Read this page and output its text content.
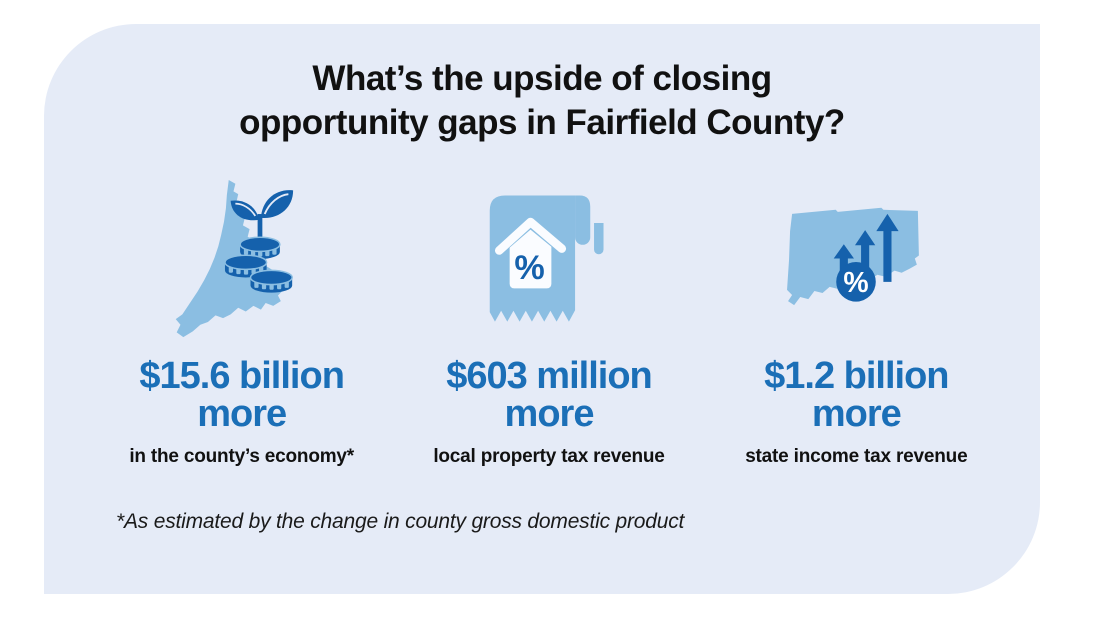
What’s the upside of closing
opportunity gaps in Fairfield County?
$15.6 billion
more
in the county’s economy*
%
$603 million
more
local property tax revenue
%
$1.2 billion
more
state income tax revenue
*As estimated by the change in county gross domestic product
